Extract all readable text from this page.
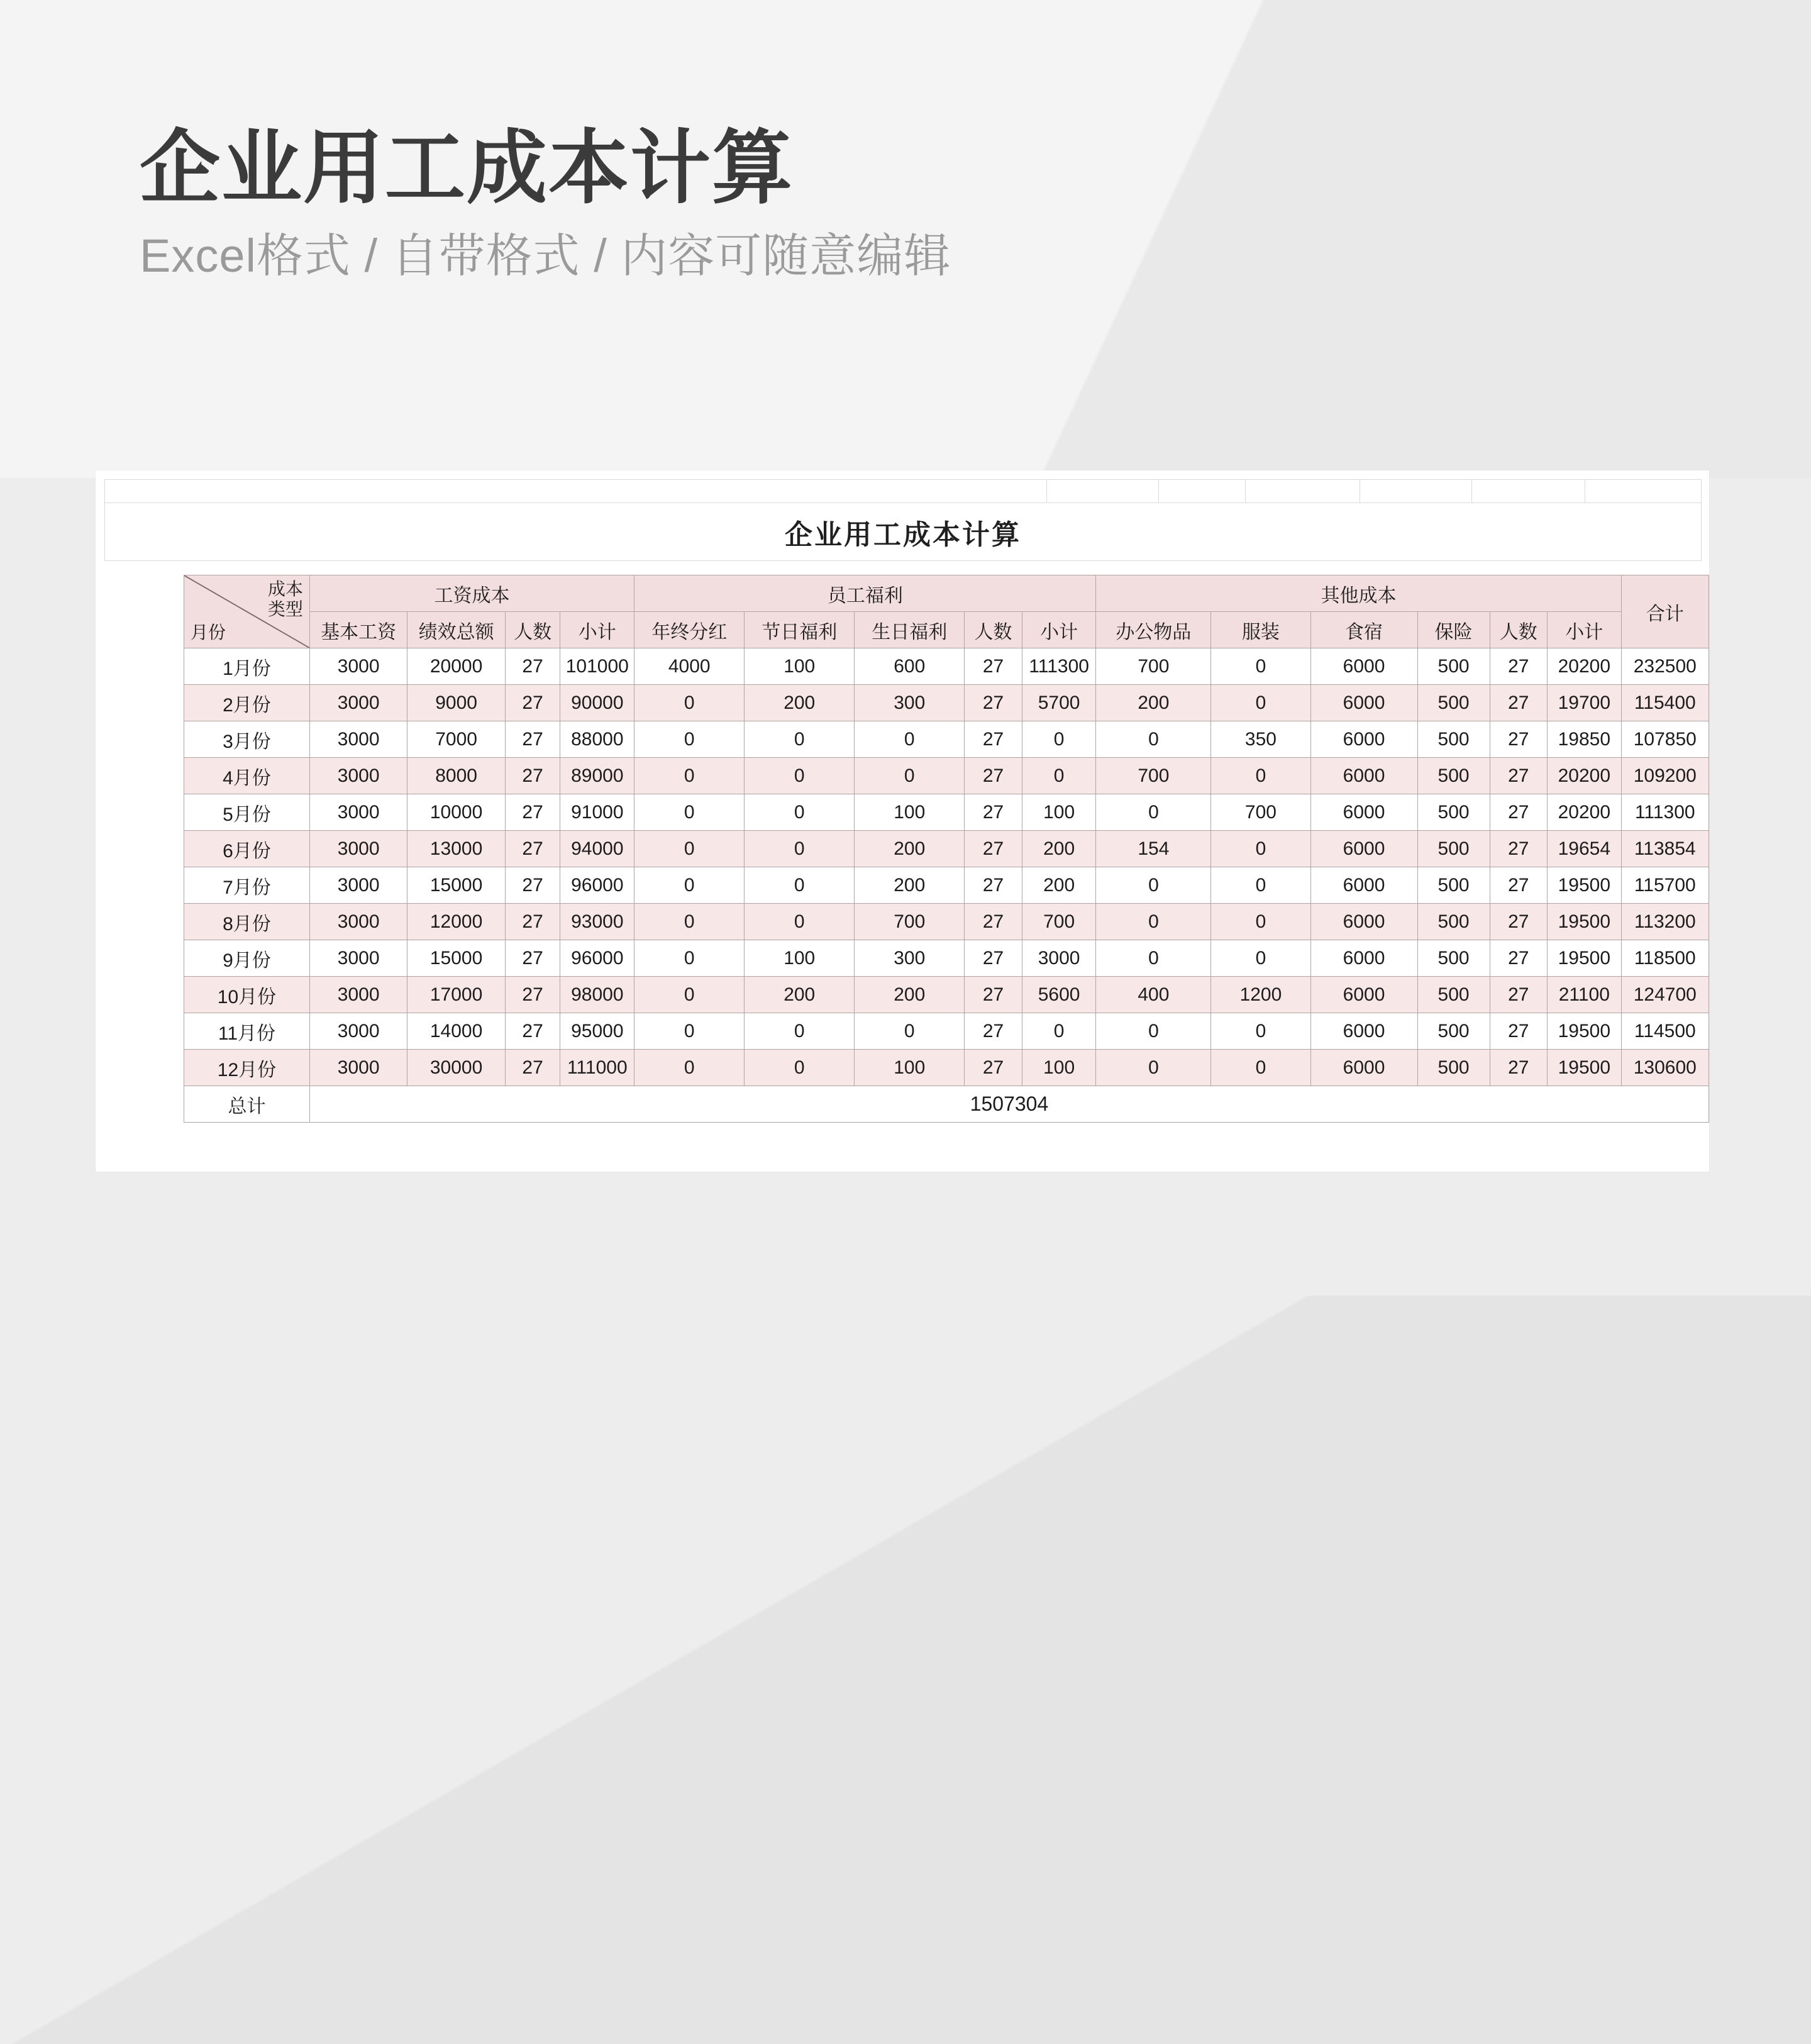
企业用工成本计算

Excel格式 / 自带格式 / 内容可随意编辑

企业用工成本计算
成本
类型
月份	工资成本				员工福利					其他成本						合计
	基本工资	绩效总额	人数	小计	年终分红	节日福利	生日福利	人数	小计	办公物品	服装	食宿	保险	人数	小计	
1月份	3000	20000	27	101000	4000	100	600	27	111300	700	0	6000	500	27	20200	232500
2月份	3000	9000	27	90000	0	200	300	27	5700	200	0	6000	500	27	19700	115400
3月份	3000	7000	27	88000	0	0	0	27	0	0	350	6000	500	27	19850	107850
4月份	3000	8000	27	89000	0	0	0	27	0	700	0	6000	500	27	20200	109200
5月份	3000	10000	27	91000	0	0	100	27	100	0	700	6000	500	27	20200	111300
6月份	3000	13000	27	94000	0	0	200	27	200	154	0	6000	500	27	19654	113854
7月份	3000	15000	27	96000	0	0	200	27	200	0	0	6000	500	27	19500	115700
8月份	3000	12000	27	93000	0	0	700	27	700	0	0	6000	500	27	19500	113200
9月份	3000	15000	27	96000	0	100	300	27	3000	0	0	6000	500	27	19500	118500
10月份	3000	17000	27	98000	0	200	200	27	5600	400	1200	6000	500	27	21100	124700
11月份	3000	14000	27	95000	0	0	0	27	0	0	0	6000	500	27	19500	114500
12月份	3000	30000	27	111000	0	0	100	27	100	0	0	6000	500	27	19500	130600
总计	1507304															
